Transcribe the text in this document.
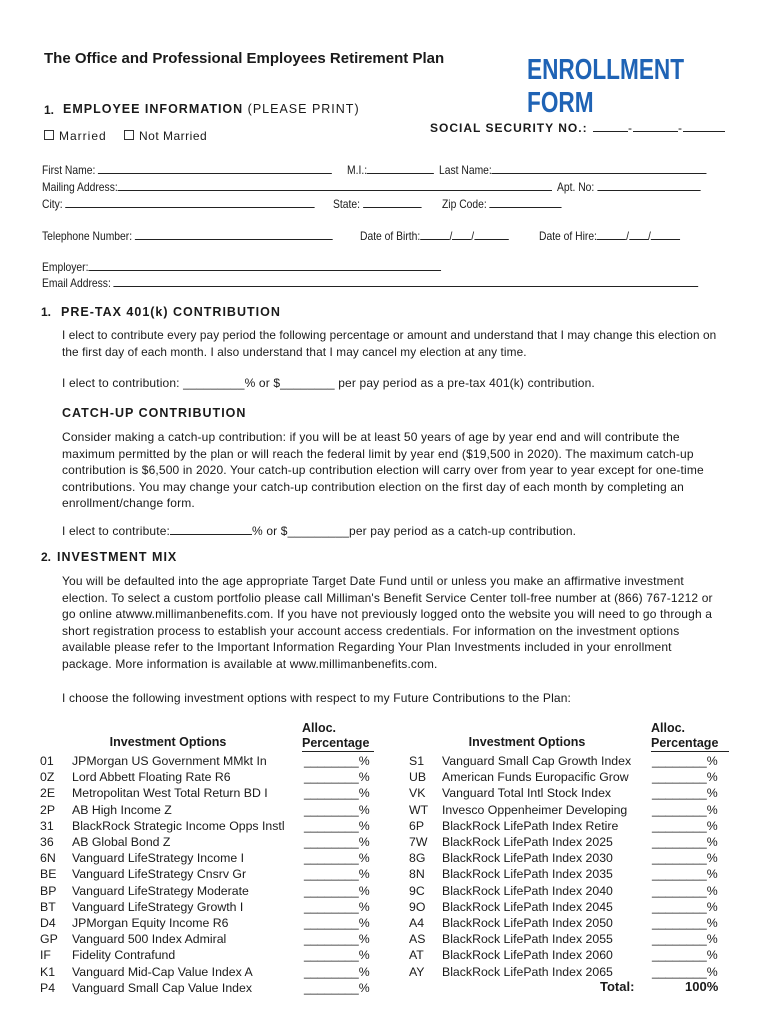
The Office and Professional Employees Retirement Plan	ENROLLMENT FORM
1. EMPLOYEE INFORMATION (PLEASE PRINT)
SOCIAL SECURITY NO.:	-	-
Married	Not Married
First Name:	M.I.:	Last Name:
Mailing Address:	Apt. No:
City:	State:	Zip Code:
Telephone Number:	Date of Birth: / /	Date of Hire: / /
Employer:
Email Address:
1. PRE-TAX 401(k) CONTRIBUTION

I elect to contribute every pay period the following percentage or amount and understand that I may change this election on the first day of each month. I also understand that I may cancel my election at any time.

I elect to contribution: _________% or $________ per pay period as a pre-tax 401(k) contribution.

CATCH-UP CONTRIBUTION

Consider making a catch-up contribution: if you will be at least 50 years of age by year end and will contribute the maximum permitted by the plan or will reach the federal limit by year end ($19,500 in 2020). The maximum catch-up contribution is $6,500 in 2020. Your catch-up contribution election will carry over from year to year except for one-time contributions. You may change your catch-up contribution election on the first day of each month by completing an enrollment/change form.

I elect to contribute:	% or $_________per pay period as a catch-up contribution.

2. INVESTMENT MIX

You will be defaulted into the age appropriate Target Date Fund until or unless you make an affirmative investment election. To select a custom portfolio please call Milliman's Benefit Service Center toll-free number at (866) 767-1212 or go online atwww.millimanbenefits.com. If you have not previously logged onto the website you will need to go through a short registration process to establish your account access credentials. For information on the investment options available please refer to the Important Information Regarding Your Plan Investments included in your enrollment package. More information is available at www.millimanbenefits.com.

I choose the following investment options with respect to my Future Contributions to the Plan:

Investment Options
Alloc.
Percentage	Investment Options
Alloc.
Percentage
01 JPMorgan US Government MMkt In	________%
0Z Lord Abbett Floating Rate R6	________%
2E Metropolitan West Total Return BD I	________%
2P AB High Income Z	________%
31 BlackRock Strategic Income Opps Instl ________%
36 AB Global Bond Z	________%
6N Vanguard LifeStrategy Income I	________%
BE Vanguard LifeStrategy Cnsrv Gr	________%
BP Vanguard LifeStrategy Moderate	________%
BT Vanguard LifeStrategy Growth I	________%
D4 JPMorgan Equity Income R6	________%
GP Vanguard 500 Index Admiral	________%
IF Fidelity Contrafund	________%
K1 Vanguard Mid-Cap Value Index A	________%
P4 Vanguard Small Cap Value Index	________%
S1 Vanguard Small Cap Growth Index ________%
UB American Funds Europacific Grow ________%
VK Vanguard Total Intl Stock Index	________%
WT Invesco Oppenheimer Developing ________%
6P BlackRock LifePath Index Retire	________%
7W BlackRock LifePath Index 2025	________%
8G BlackRock LifePath Index 2030	________%
8N BlackRock LifePath Index 2035	________%
9C BlackRock LifePath Index 2040	________%
9O BlackRock LifePath Index 2045	________%
A4 BlackRock LifePath Index 2050	________%
AS BlackRock LifePath Index 2055	________%
AT BlackRock LifePath Index 2060	________%
AY BlackRock LifePath Index 2065	________%
Total:	100%
